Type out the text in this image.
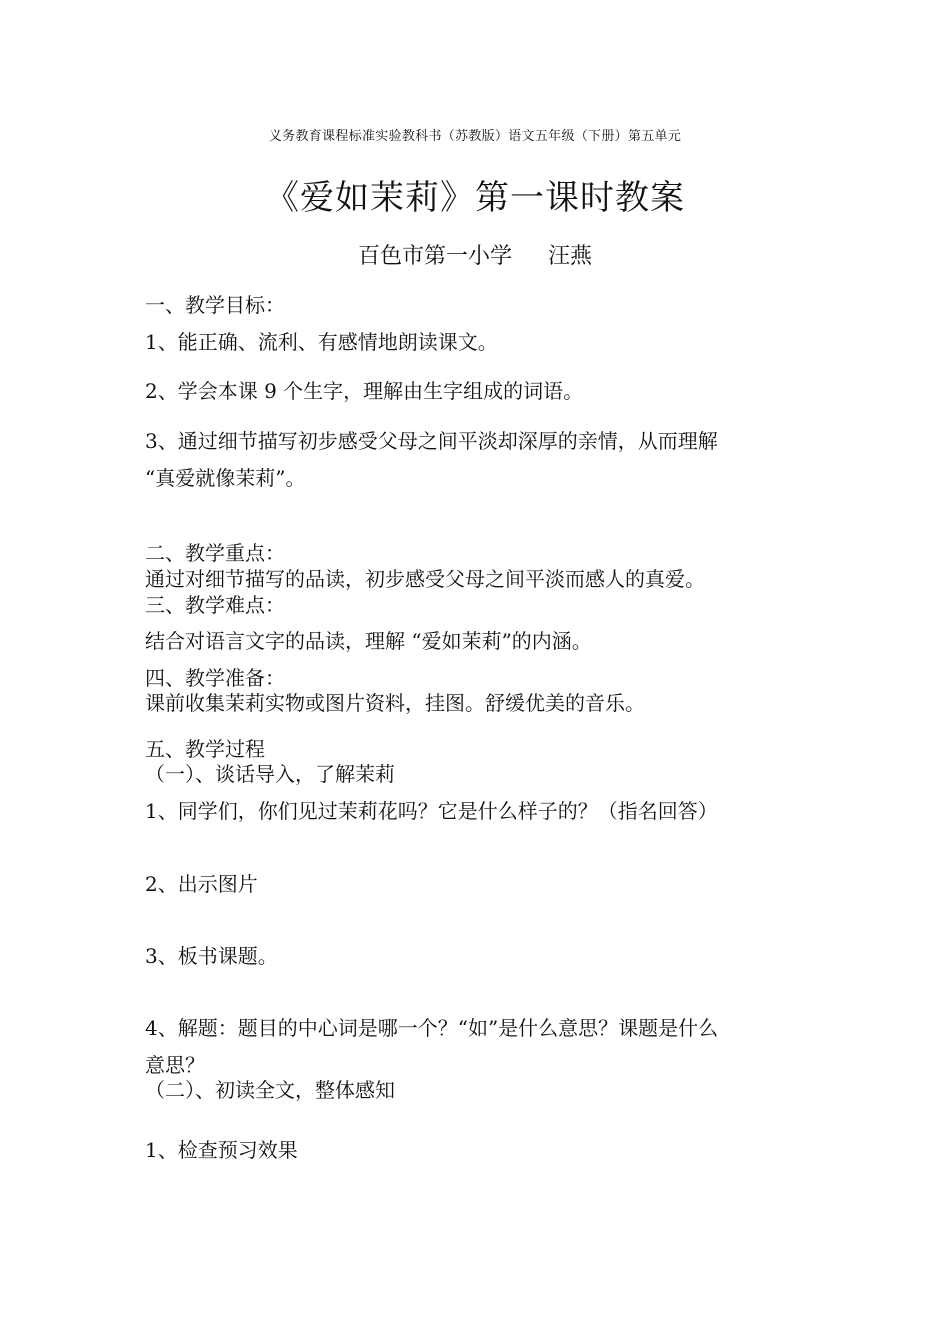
义务教育课程标准实验教科书（苏教版）语文五年级（下册）第五单元
《爱如茉莉》第一课时教案
百色市第一小学 汪燕
一、教学目标：
1、能正确、流利、有感情地朗读课文。
2、学会本课 9 个生字，理解由生字组成的词语。
3、通过细节描写初步感受父母之间平淡却深厚的亲情，从而理解
“真爱就像茉莉”。
二、教学重点：
通过对细节描写的品读，初步感受父母之间平淡而感人的真爱。
三、教学难点：
结合对语言文字的品读，理解 “爱如茉莉”的内涵。
四、教学准备：
课前收集茉莉实物或图片资料，挂图。舒缓优美的音乐。
五、教学过程
（一）、谈话导入，了解茉莉
1、同学们，你们见过茉莉花吗？它是什么样子的？（指名回答）
2、出示图片
3、板书课题。
4、解题：题目的中心词是哪一个？“如”是什么意思？课题是什么
意思？
（二）、初读全文，整体感知
1、检查预习效果
